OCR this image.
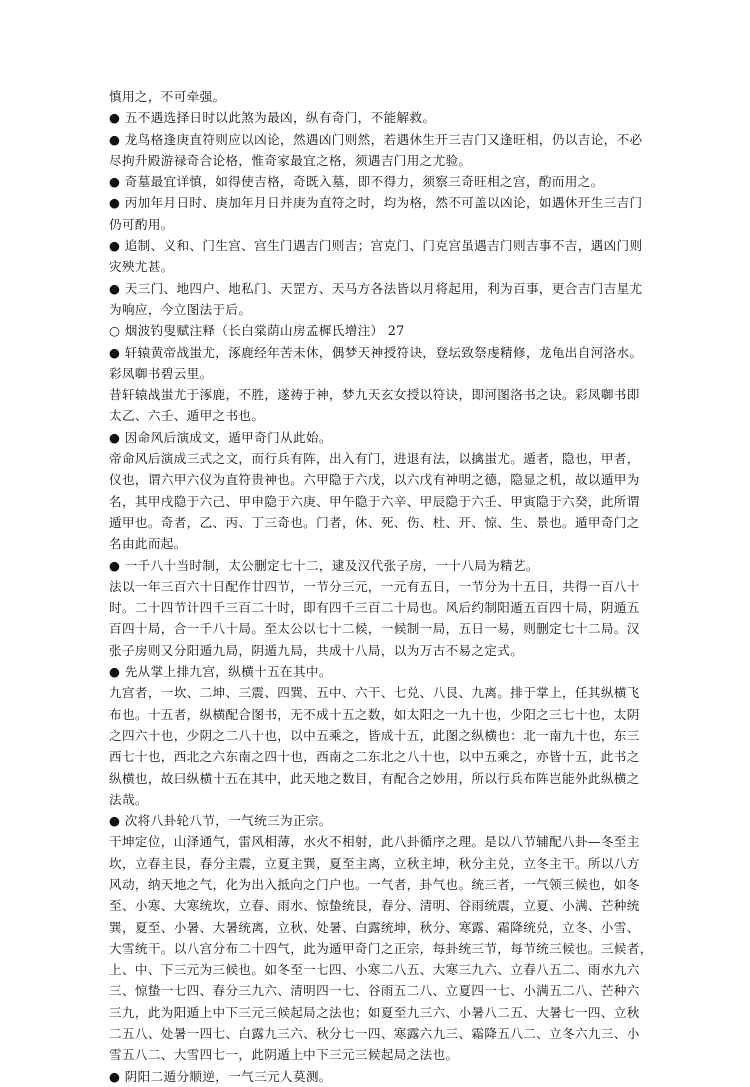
慎用之，不可牵强。
● 五不遇选择日时以此煞为最凶，纵有奇门，不能解救。
● 龙鸟格逢庚直符则应以凶论，然遇凶门则然，若遇休生开三吉门又逢旺相，仍以吉论，不必
尽拘升殿游禄奇合论格，惟奇家最宜之格，须遇吉门用之尤验。
● 奇墓最宜详慎，如得使吉格，奇既入墓，即不得力，须察三奇旺相之宫，酌而用之。
● 丙加年月日时、庚加年月日并庚为直符之时，均为格，然不可盖以凶论，如遇休开生三吉门
仍可酌用。
● 追制、义和、门生宫、宫生门遇吉门则吉；宫克门、门克宫虽遇吉门则吉事不吉，遇凶门则
灾殃尤甚。
● 天三门、地四户、地私门、天罡方、天马方各法皆以月将起用，利为百事，更合吉门吉星尤
为响应，今立图法于后。
○ 烟波钓叟赋注释（长白棠荫山房孟樨氏增注） 27
● 轩辕黄帝战蚩尤，涿鹿经年苦未休，偶梦天神授符诀，登坛致祭虔精修，龙龟出自河洛水。
彩凤啣书碧云里。
昔轩辕战蚩尤于涿鹿，不胜，遂祷于神，梦九天玄女授以符诀，即河图洛书之诀。彩凤啣书即
太乙、六壬、遁甲之书也。
● 因命风后演成文，遁甲奇门从此始。
帝命风后演成三式之文，而行兵有阵，出入有门，进退有法，以擒蚩尤。遁者，隐也，甲者，
仪也，谓六甲六仪为直符贵神也。六甲隐于六戊，以六戊有神明之德，隐显之机，故以遁甲为
名，其甲戌隐于六己、甲申隐于六庚、甲午隐于六辛、甲辰隐于六壬、甲寅隐于六癸，此所谓
遁甲也。奇者，乙、丙、丁三奇也。门者，休、死、伤、杜、开、惊、生、景也。遁甲奇门之
名由此而起。
● 一千八十当时制，太公删定七十二，逮及汉代张子房，一十八局为精艺。
法以一年三百六十日配作廿四节，一节分三元，一元有五日，一节分为十五日，共得一百八十
时。二十四节计四千三百二十时，即有四千三百二十局也。风后约制阳遁五百四十局，阴遁五
百四十局，合一千八十局。至太公以七十二候，一候制一局，五日一易，则删定七十二局。汉
张子房则又分阳遁九局，阴遁九局，共成十八局，以为万古不易之定式。
● 先从掌上排九宫，纵横十五在其中。
九宫者，一坎、二坤、三震、四巽、五中、六干、七兑、八艮、九离。排于掌上，任其纵横飞
布也。十五者，纵横配合图书，无不成十五之数，如太阳之一九十也，少阳之三七十也，太阴
之四六十也，少阴之二八十也，以中五乘之，皆成十五，此图之纵横也：北一南九十也，东三
西七十也，西北之六东南之四十也，西南之二东北之八十也，以中五乘之，亦皆十五，此书之
纵横也，故曰纵横十五在其中，此天地之数目，有配合之妙用，所以行兵布阵岂能外此纵横之
法哉。
● 次将八卦轮八节，一气统三为正宗。
干坤定位，山泽通气，雷风相薄，水火不相射，此八卦循序之理。是以八节辅配八卦—冬至主
坎，立春主艮，春分主震，立夏主巽，夏至主离，立秋主坤，秋分主兑，立冬主干。所以八方
风动，纳天地之气，化为出入抵向之门户也。一气者，卦气也。统三者，一气领三候也，如冬
至、小寒、大寒统坎，立春、雨水、惊蛰统艮，春分、清明、谷雨统震，立夏、小满、芒种统
巽，夏至、小暑、大暑统离，立秋、处暑、白露统坤，秋分、寒露、霜降统兑，立冬、小雪、
大雪统干。以八宫分布二十四气，此为遁甲奇门之正宗，每卦统三节，每节统三候也。三候者，
上、中、下三元为三候也。如冬至一七四、小寒二八五、大寒三九六、立春八五二、雨水九六
三、惊蛰一七四、春分三九六、清明四一七、谷雨五二八、立夏四一七、小满五二八、芒种六
三九，此为阳遁上中下三元三候起局之法也；如夏至九三六、小暑八二五、大暑七一四、立秋
二五八、处暑一四七、白露九三六、秋分七一四、寒露六九三、霜降五八二、立冬六九三、小
雪五八二、大雪四七一，此阴遁上中下三元三候起局之法也。
● 阴阳二遁分顺逆，一气三元人莫测。
